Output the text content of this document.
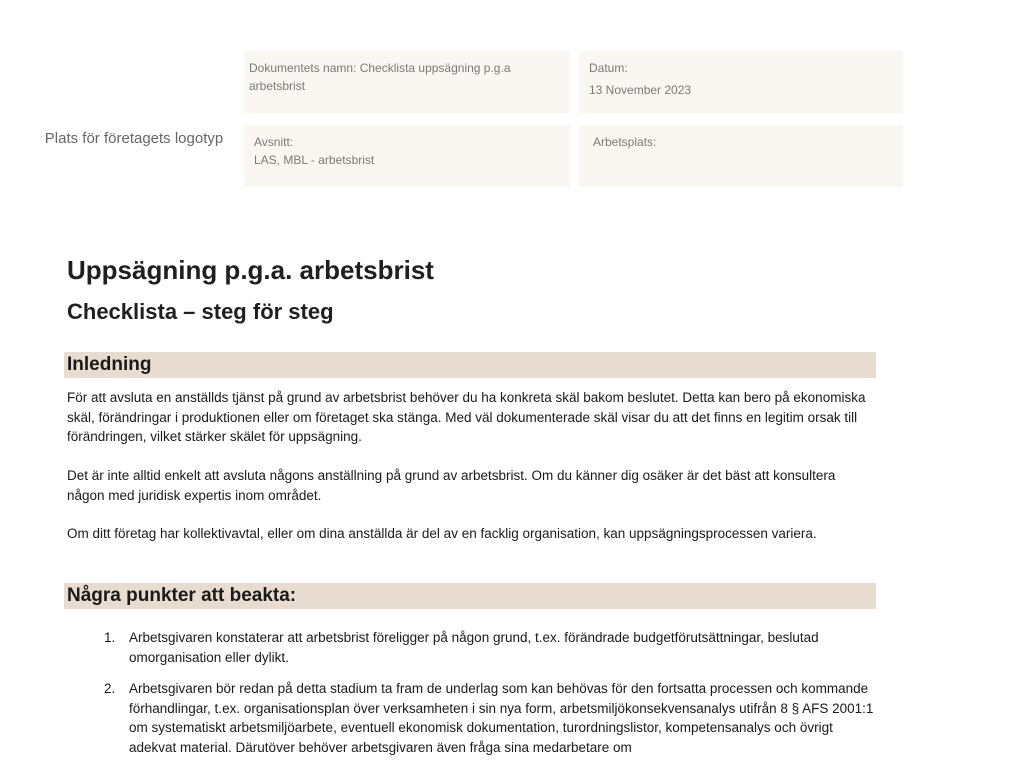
Plats för företagets logotyp
Dokumentets namn: Checklista uppsägning p.g.a arbetsbrist
Datum:
13 November 2023
Avsnitt:
LAS, MBL - arbetsbrist
Arbetsplats:
Uppsägning p.g.a. arbetsbrist
Checklista – steg för steg
Inledning

För att avsluta en anställds tjänst på grund av arbetsbrist behöver du ha konkreta skäl bakom beslutet. Detta kan bero på ekonomiska skäl, förändringar i produktionen eller om företaget ska stänga. Med väl dokumenterade skäl visar du att det finns en legitim orsak till förändringen, vilket stärker skälet för uppsägning.

Det är inte alltid enkelt att avsluta någons anställning på grund av arbetsbrist. Om du känner dig osäker är det bäst att konsultera någon med juridisk expertis inom området.

Om ditt företag har kollektivavtal, eller om dina anställda är del av en facklig organisation, kan uppsägningsprocessen variera.

Några punkter att beakta:
1. Arbetsgivaren konstaterar att arbetsbrist föreligger på någon grund, t.ex. förändrade budgetförutsättningar, beslutad omorganisation eller dylikt.
2. Arbetsgivaren bör redan på detta stadium ta fram de underlag som kan behövas för den fortsatta processen och kommande förhandlingar, t.ex. organisationsplan över verksamheten i sin nya form, arbetsmiljökonsekvensanalys utifrån 8 § AFS 2001:1 om systematiskt arbetsmiljöarbete, eventuell ekonomisk dokumentation, turordningslistor, kompetensanalys och övrigt adekvat material. Därutöver behöver arbetsgivaren även fråga sina medarbetare om
